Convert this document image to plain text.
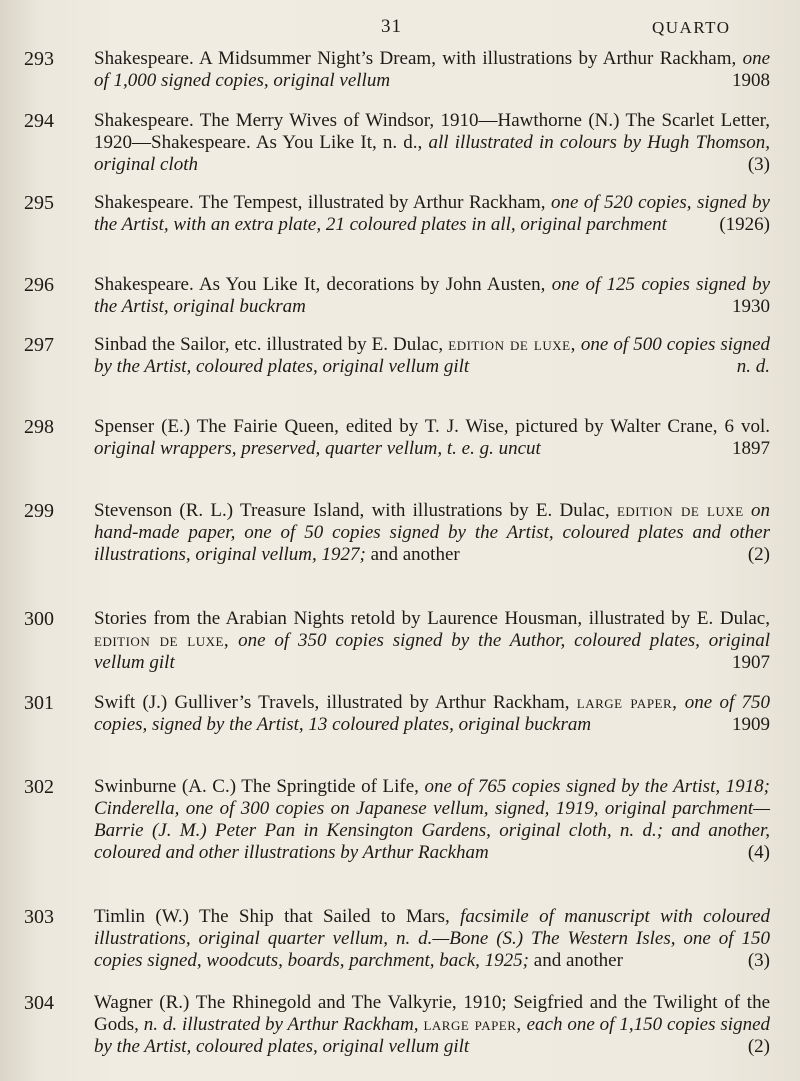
31	QUARTO
293	Shakespeare. A Midsummer Night’s Dream, with illustrations by Arthur Rackham, one of 1,000 signed copies, original vellum	1908
294	Shakespeare. The Merry Wives of Windsor, 1910—Hawthorne (N.) The Scarlet Letter, 1920—Shakespeare. As You Like It, n. d., all illustrated in colours by Hugh Thomson, original cloth	(3)
295	Shakespeare. The Tempest, illustrated by Arthur Rackham, one of 520 copies, signed by the Artist, with an extra plate, 21 coloured plates in all, original parchment	(1926)
296	Shakespeare. As You Like It, decorations by John Austen, one of 125 copies signed by the Artist, original buckram	1930
297	Sinbad the Sailor, etc. illustrated by E. Dulac, edition de luxe, one of 500 copies signed by the Artist, coloured plates, original vellum gilt	n. d.
298	Spenser (E.) The Fairie Queen, edited by T. J. Wise, pictured by Walter Crane, 6 vol. original wrappers, preserved, quarter vellum, t. e. g. uncut	1897
299	Stevenson (R. L.) Treasure Island, with illustrations by E. Dulac, edition de luxe on hand-made paper, one of 50 copies signed by the Artist, coloured plates and other illustrations, original vellum, 1927; and another	(2)
300	Stories from the Arabian Nights retold by Laurence Housman, illustrated by E. Dulac, edition de luxe, one of 350 copies signed by the Author, coloured plates, original vellum gilt	1907
301	Swift (J.) Gulliver’s Travels, illustrated by Arthur Rackham, large paper, one of 750 copies, signed by the Artist, 13 coloured plates, original buckram	1909
302	Swinburne (A. C.) The Springtide of Life, one of 765 copies signed by the Artist, 1918; Cinderella, one of 300 copies on Japanese vellum, signed, 1919, original parchment—Barrie (J. M.) Peter Pan in Kensington Gardens, original cloth, n. d.; and another, coloured and other illustrations by Arthur Rackham	(4)
303	Timlin (W.) The Ship that Sailed to Mars, facsimile of manuscript with coloured illustrations, original quarter vellum, n. d.—Bone (S.) The Western Isles, one of 150 copies signed, woodcuts, boards, parchment, back, 1925; and another	(3)
304	Wagner (R.) The Rhinegold and The Valkyrie, 1910; Seigfried and the Twilight of the Gods, n. d. illustrated by Arthur Rackham, large paper, each one of 1,150 copies signed by the Artist, coloured plates, original vellum gilt	(2)
